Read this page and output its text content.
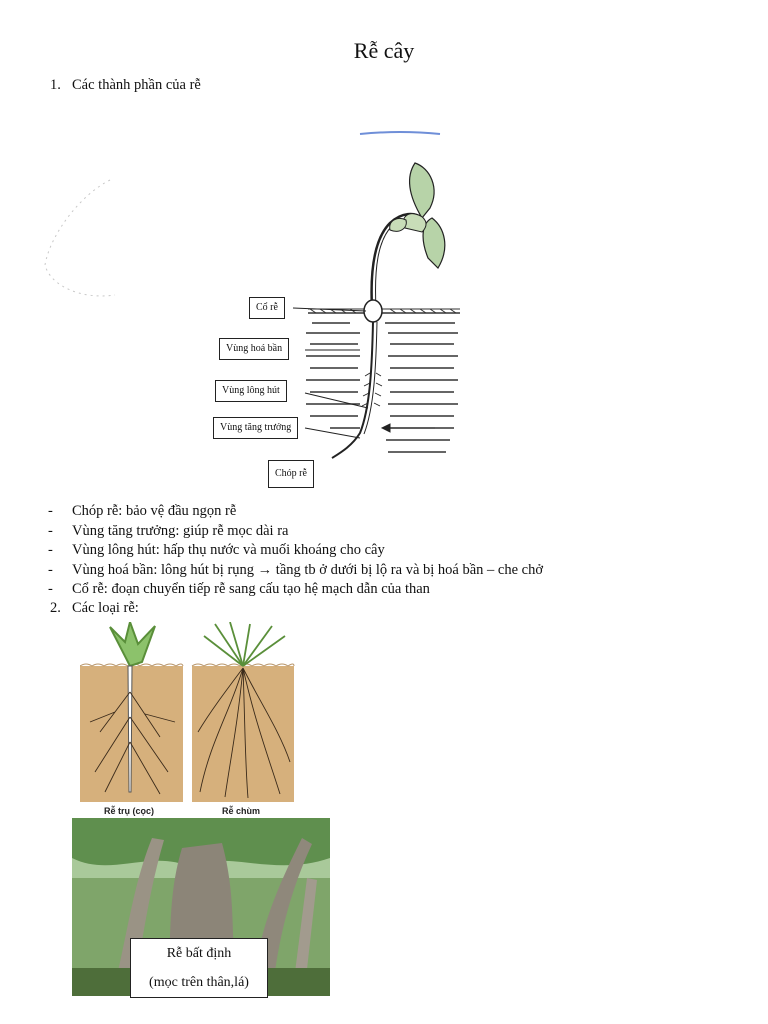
Rễ cây
1. Các thành phần của rễ
Cổ rễ
Vùng hoá bần
Vùng lông hút
Vùng tăng trưởng
Chóp rễ
- Chóp rễ: bảo vệ đầu ngọn rễ
- Vùng tăng trưởng: giúp rễ mọc dài ra
- Vùng lông hút: hấp thụ nước và muối khoáng cho cây
- Vùng hoá bần: lông hút bị rụng → tầng tb ở dưới bị lộ ra và bị hoá bần – che chở
- Cổ rễ: đoạn chuyển tiếp rễ sang cấu tạo hệ mạch dẫn của than
2. Các loại rễ:
Rễ trụ (cọc)	Rễ chùm
Rễ bất định
(mọc trên thân,lá)
